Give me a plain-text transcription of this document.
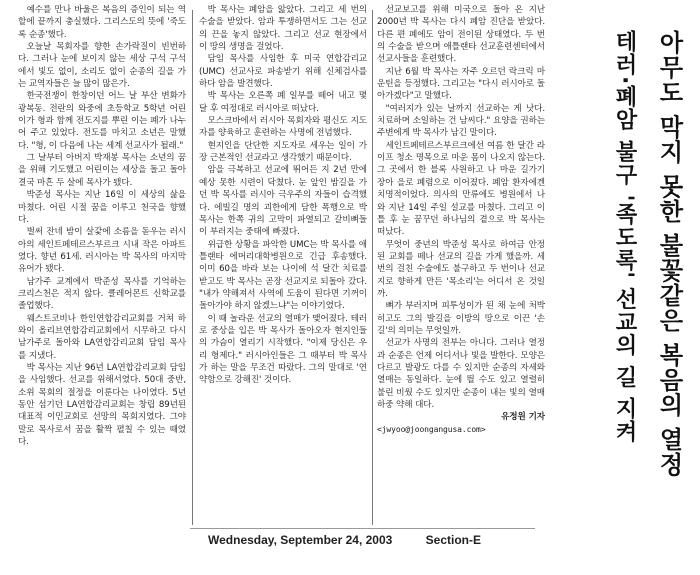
예수를 만나 바울은 복음의 증인이 되는 역할에 끝까지 충실했다. 그리스도의 뜻에 '죽도록 순종'했다.

오늘날 목회자를 향한 손가락질이 빈번하다. 그러나 눈에 보이지 않는 세상 구석 구석에서 빛도 없이, 소리도 없이 순종의 길을 가는 교역자들은 늘 많이 많은가.

한국전쟁이 한창이던 어느 날 부산 변화가 광복동. 전란의 와중에 초등학교 5학년 어린이가 형과 함께 전도지를 뿌린 이는 폐가 나누어 주고 있었다. 전도를 마치고 소년은 말했다. "형, 이 다음에 나는 세계 선교사가 될래."

그 날부터 아버지 박재봉 목사는 소년의 꿈을 위해 기도했고 어린이는 세상을 돌고 돌아 결국 마흔 두 살에 목사가 됐다.

박준성 목사는 지난 16일 이 세상의 삶을 마쳤다. 어린 시절 꿈을 이루고 천국을 향했다.

벌써 잔네 밤이 살갗에 소름을 돋우는 러시아의 세인트페테르스부르크 시내 작은 아파트였다. 향년 61세. 러시아는 박 목사의 마지막 유어가 됐다.

남가주 교계에서 박준성 목사를 기억하는 크리스천은 적지 않다. 클레어몬트 신학교를 졸업했다.

웨스트코비나 한인연합감리교회를 거쳐 하와이 올리브연합감리교회에서 시무하고 다시 남가주로 돌아와 LA연합감리교회 담임 목사를 지냈다.

박 목사는 지난 96년 LA연합감리교회 담임을 사임했다. 선교를 위해서였다. 50대 중반, 소위 목회의 절정을 이룬다는 나이였다. 5년 동안 섬기던 LA연합감리교회는 창립 89년된 대표적 이민교회로 선망의 목회지였다. 그야말로 목사로서 꿈을 활짝 펼칠 수 있는 때였다.

박 목사는 폐암을 앓았다. 그리고 세 번의 수술을 받았다. 암과 투쟁하면서도 그는 선교의 끈을 놓지 않았다. 그리고 선교 현장에서 이 땅의 생명을 걸었다.

담임 목사를 사임한 후 미국 연합감리교(UMC) 선교사로 파송받기 위해 신체검사를 하다 암을 발견했다.

박 목사는 오른쪽 폐 일부를 떼어 내고 몇 달 후 여정대로 러시아로 떠났다.

모스크바에서 러시아 목회자와 평신도 지도자를 양육하고 훈련하는 사명에 전념했다.

현지인을 단단한 지도자로 세우는 일이 가장 근본적인 선교라고 생각했기 때문이다.

암을 극복하고 선교에 뛰어든 지 2년 만에 예상 못한 시련이 닥쳤다. 눈 앞인 밤길을 가던 박 목사를 러시아 극우주의 자들이 습격했다. 에빌길 명의 괴한에게 담한 폭행으로 박 목사는 한쪽 귀의 고막이 파열되고 갈비뼈들이 부러지는 중태에 빠졌다.

위급한 상황을 파악한 UMC는 박 목사를 애틀랜타 에머리대학병원으로 긴급 후송했다. 이미 60을 바라 보는 나이에 석 달간 치료를 받고도 박 목사는 곧장 선교지로 되돌아 갔다. "내가 약해져서 사역에 도움이 된다면 기꺼이 돌아가야 하지 않겠느냐"는 이야기였다.

이 때 놀라운 선교의 열매가 맺어졌다. 테러로 중상을 입은 박 목사가 돌아오자 현지인들의 가슴이 열리기 시작했다. "이제 당신은 우리 형제다." 러시아인들은 그 때부터 박 목사가 하는 말을 무조건 따랐다. 그의 말대로 '연약함으로 강해진' 것이다.

선교보고를 위해 미국으로 돌아 온 지난 2000년 박 목사는 다시 폐암 진단을 받았다. 다른 편 폐에도 암이 전이된 상태였다. 두 번의 수술을 받으며 애틀랜타 선교훈련센터에서 선교사들을 훈련했다.

지난 6월 박 목사는 자주 오르던 락크릭 마운틴을 등정했다. 그리고는 "다시 러시아로 돌아가겠다"고 말했다.

"여러지가 있는 날까지 선교하는 게 낫다. 치료하며 소일하는 건 남씨다." 요양을 권하는 주변에게 박 목사가 남긴 말이다.

세인트페테르스부르크에선 여름 한 달간 라이프 청소 명목으로 마운 몸이 나오지 않는다. 그 곳에서 한 블록 사원하고 나 마운 길가기 장아 을로 폐렴으로 이어졌다. 폐암 환자에겐 치명적이었다. 의사의 만류에도 병원에서 나와 지난 14일 주일 설교를 마쳤다. 그리고 이틀 후 눈 꿈꾸던 하나님의 곁으로 박 목사는 떠났다.

무엇이 중년의 박준성 목사로 하여금 안정된 교회를 떼나 선교의 길을 가게 했을까. 세 번의 걸친 수술에도 불구하고 두 번이나 선교지로 향하게 만든 '목소리'는 어디서 온 것일까.

뼈가 부러지며 피투성이가 된 채 눈에 처박히고도 그의 발길을 이방의 땅으로 이끈 '손길'의 의미는 무엇일까.

선교가 사명의 전부는 아니다. 그러나 열정과 순종은 언제 어디서나 빛을 발한다. 모양은 다르고 발광도 다를 수 있지만 순종의 자세와 열매는 동일하다. 눈에 띌 수도 있고 열렬히 불린 비웠 수도 있지만 순종이 내는 빛의 열매하중 약해 대다.

유정원 기자
<jwyoo@joongangusa.com>	아무도 막지 못한 불꽃같은 복음의 열정
테러·폐암 불구 '족도록' 선교의 길 지켜
Wednesday, September 24, 2003	Section-E
